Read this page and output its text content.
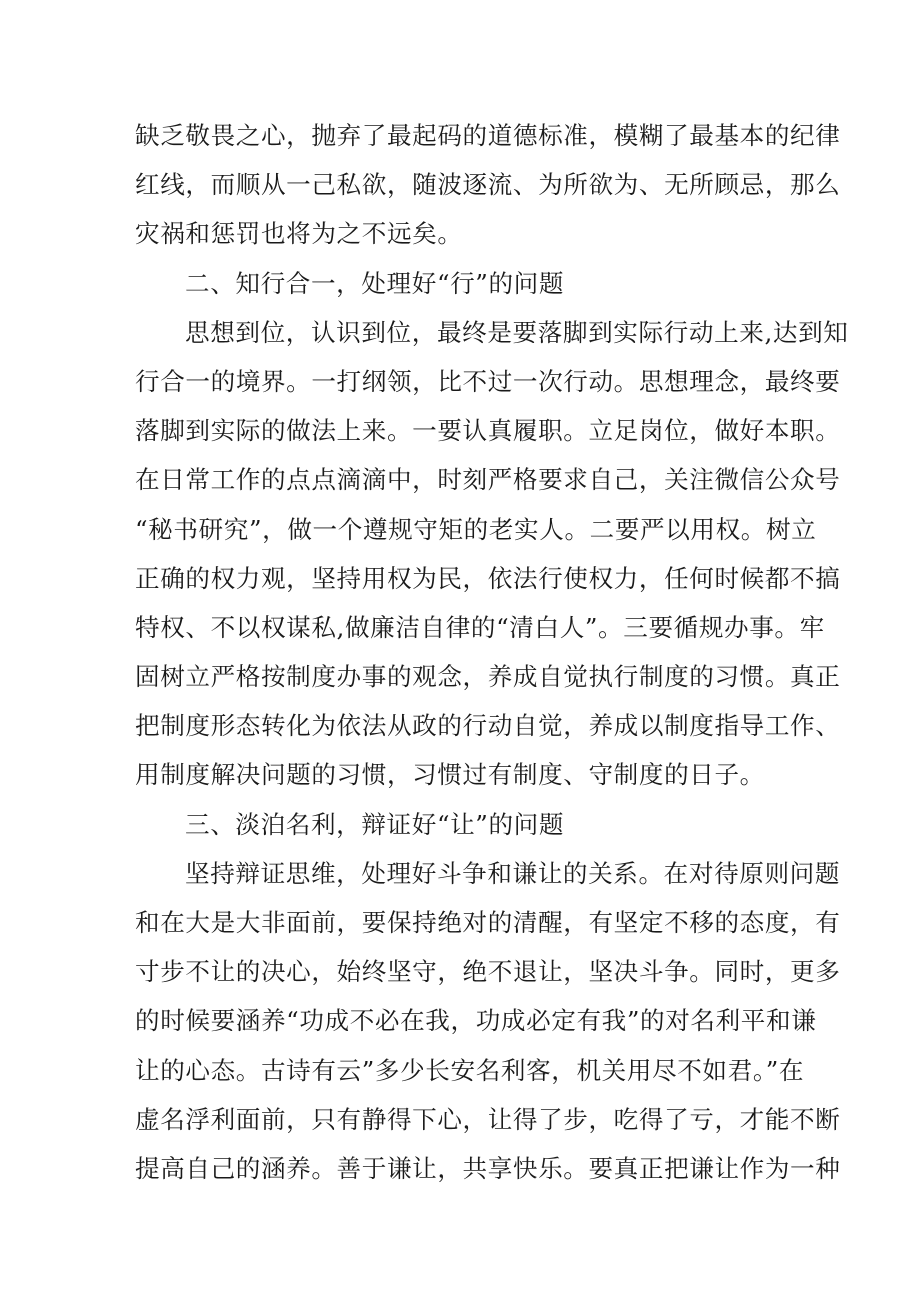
缺乏敬畏之心，抛弃了最起码的道德标准，模糊了最基本的纪律
红线，而顺从一己私欲，随波逐流、为所欲为、无所顾忌，那么
灾祸和惩罚也将为之不远矣。
二、知行合一，处理好“行”的问题
思想到位，认识到位，最终是要落脚到实际行动上来,达到知
行合一的境界。一打纲领，比不过一次行动。思想理念，最终要
落脚到实际的做法上来。一要认真履职。立足岗位，做好本职。
在日常工作的点点滴滴中，时刻严格要求自己，关注微信公众号
“秘书研究”，做一个遵规守矩的老实人。二要严以用权。树立
正确的权力观，坚持用权为民，依法行使权力，任何时候都不搞
特权、不以权谋私,做廉洁自律的“清白人”。三要循规办事。牢
固树立严格按制度办事的观念，养成自觉执行制度的习惯。真正
把制度形态转化为依法从政的行动自觉，养成以制度指导工作、
用制度解决问题的习惯，习惯过有制度、守制度的日子。
三、淡泊名利，辩证好“让”的问题
坚持辩证思维，处理好斗争和谦让的关系。在对待原则问题
和在大是大非面前，要保持绝对的清醒，有坚定不移的态度，有
寸步不让的决心，始终坚守，绝不退让，坚决斗争。同时，更多
的时候要涵养“功成不必在我，功成必定有我”的对名利平和谦
让的心态。古诗有云”多少长安名利客，机关用尽不如君。”在
虚名浮利面前，只有静得下心，让得了步，吃得了亏，才能不断
提高自己的涵养。善于谦让，共享快乐。要真正把谦让作为一种
